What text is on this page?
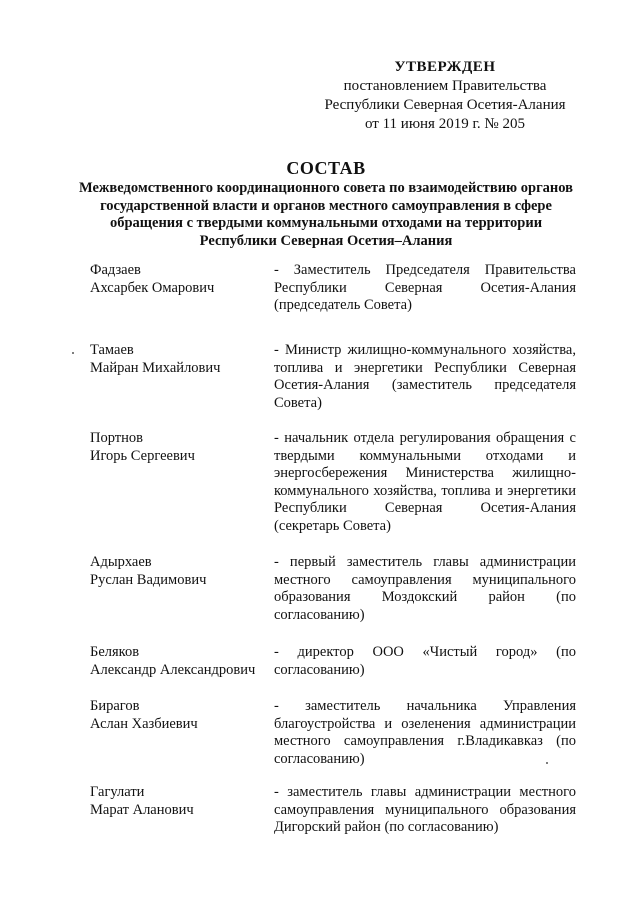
УТВЕРЖДЕН
постановлением Правительства
Республики Северная Осетия-Алания
от 11 июня 2019 г. № 205
СОСТАВ
Межведомственного координационного совета по взаимодействию органов государственной власти и органов местного самоуправления в сфере обращения с твердыми коммунальными отходами на территории Республики Северная Осетия–Алания
Фадзаев
Ахсарбек Омарович
- Заместитель Председателя Правительства Республики Северная Осетия-Алания (председатель Совета)
Тамаев
Майран Михайлович
- Министр жилищно-коммунального хозяйства, топлива и энергетики Республики Северная Осетия-Алания (заместитель председателя Совета)
Портнов
Игорь Сергеевич
- начальник отдела регулирования обращения с твердыми коммунальными отходами и энергосбережения Министерства жилищно-коммунального хозяйства, топлива и энергетики Республики Северная Осетия-Алания (секретарь Совета)
Адырхаев
Руслан Вадимович
- первый заместитель главы администрации местного самоуправления муниципального образования Моздокский район (по согласованию)
Беляков
Александр Александрович
- директор ООО «Чистый город» (по согласованию)
Бирагов
Аслан Хазбиевич
- заместитель начальника Управления благоустройства и озеленения администрации местного самоуправления г.Владикавказ (по согласованию)
Гагулати
Марат Аланович
- заместитель главы администрации местного самоуправления муниципального образования Дигорский район (по согласованию)
